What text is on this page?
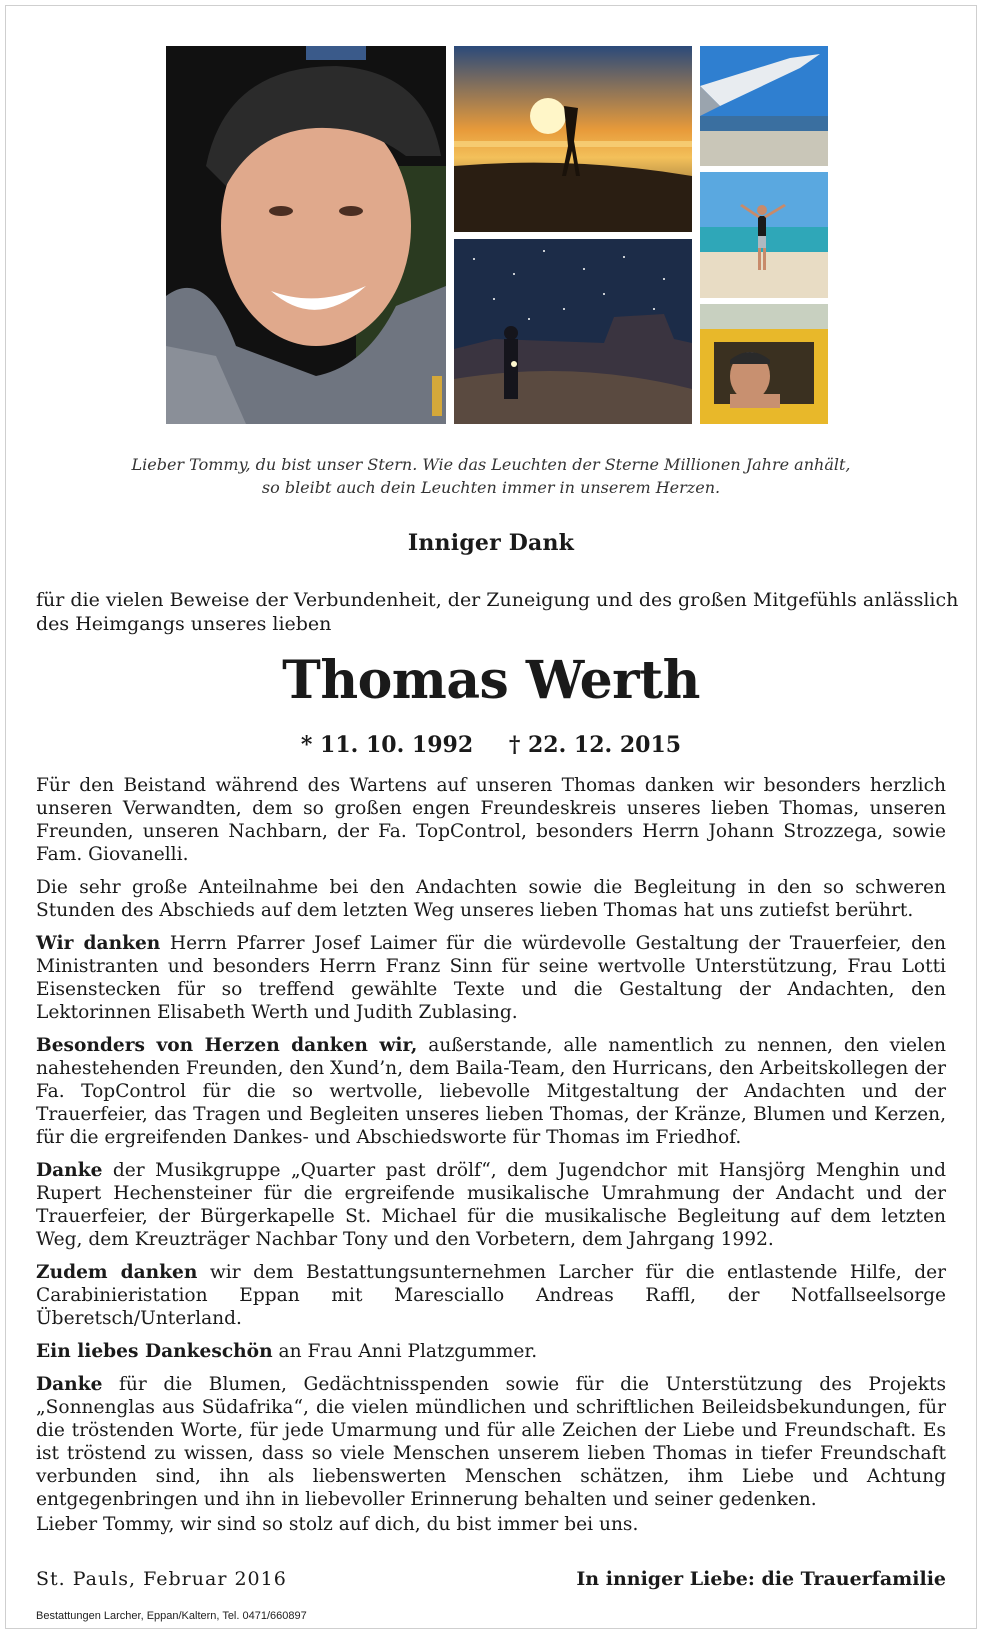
Lieber Tommy, du bist unser Stern. Wie das Leuchten der Sterne Millionen Jahre anhält,
so bleibt auch dein Leuchten immer in unserem Herzen.
Inniger Dank
für die vielen Beweise der Verbundenheit, der Zuneigung und des großen Mitgefühls anlässlich
des Heimgangs unseres lieben
Thomas Werth
* 11. 10. 1992 † 22. 12. 2015

Für den Beistand während des Wartens auf unseren Thomas danken wir besonders herzlich unseren Verwandten, dem so großen engen Freundeskreis unseres lieben Thomas, unseren Freunden, unseren Nachbarn, der Fa. TopControl, besonders Herrn Johann Strozzega, sowie Fam. Giovanelli.

Die sehr große Anteilnahme bei den Andachten sowie die Begleitung in den so schweren Stunden des Abschieds auf dem letzten Weg unseres lieben Thomas hat uns zutiefst berührt.

Wir danken Herrn Pfarrer Josef Laimer für die würdevolle Gestaltung der Trauerfeier, den Ministranten und besonders Herrn Franz Sinn für seine wertvolle Unterstützung, Frau Lotti Eisenstecken für so treffend gewählte Texte und die Gestaltung der Andachten, den Lektorinnen Elisabeth Werth und Judith Zublasing.

Besonders von Herzen danken wir, außerstande, alle namentlich zu nennen, den vielen nahestehenden Freunden, den Xund’n, dem Baila-Team, den Hurricans, den Arbeitskollegen der Fa. TopControl für die so wertvolle, liebevolle Mitgestaltung der Andachten und der Trauerfeier, das Tragen und Begleiten unseres lieben Thomas, der Kränze, Blumen und Kerzen, für die ergreifenden Dankes- und Abschiedsworte für Thomas im Friedhof.

Danke der Musikgruppe „Quarter past drölf“, dem Jugendchor mit Hansjörg Menghin und Rupert Hechensteiner für die ergreifende musikalische Umrahmung der Andacht und der Trauerfeier, der Bürgerkapelle St. Michael für die musikalische Begleitung auf dem letzten Weg, dem Kreuzträger Nachbar Tony und den Vorbetern, dem Jahrgang 1992.

Zudem danken wir dem Bestattungsunternehmen Larcher für die entlastende Hilfe, der Carabinieristation Eppan mit Maresciallo Andreas Raffl, der Notfallseelsorge Überetsch/Unterland.

Ein liebes Dankeschön an Frau Anni Platzgummer.

Danke für die Blumen, Gedächtnisspenden sowie für die Unterstützung des Projekts „Sonnenglas aus Südafrika“, die vielen mündlichen und schriftlichen Beileidsbekundungen, für die tröstenden Worte, für jede Umarmung und für alle Zeichen der Liebe und Freundschaft. Es ist tröstend zu wissen, dass so viele Menschen unserem lieben Thomas in tiefer Freundschaft verbunden sind, ihn als liebenswerten Menschen schätzen, ihm Liebe und Achtung entgegenbringen und ihn in liebevoller Erinnerung behalten und seiner gedenken.

Lieber Tommy, wir sind so stolz auf dich, du bist immer bei uns.

St. Pauls, Februar 2016	In inniger Liebe: die Trauerfamilie
Bestattungen Larcher, Eppan/Kaltern, Tel. 0471/660897
